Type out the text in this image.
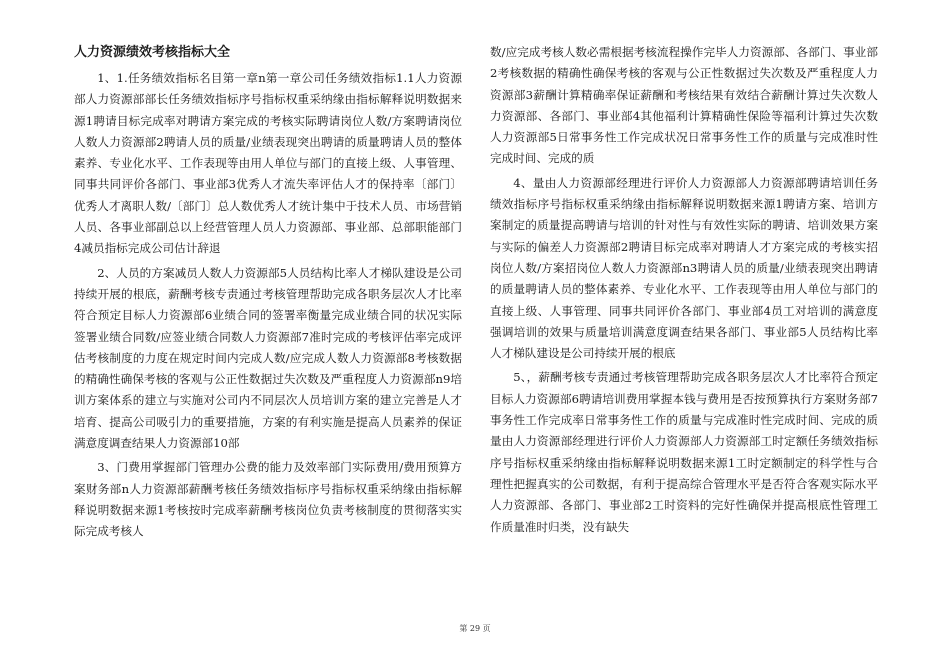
人力资源绩效考核指标大全

1、1.任务绩效指标名目第一章n第一章公司任务绩效指标1.1人力资源部人力资源部部长任务绩效指标序号指标权重采纳缘由指标解释说明数据来源1聘请目标完成率对聘请方案完成的考核实际聘请岗位人数/方案聘请岗位人数人力资源部2聘请人员的质量/业绩表现突出聘请的质量聘请人员的整体素养、专业化水平、工作表现等由用人单位与部门的直接上级、人事管理、同事共同评价各部门、事业部3优秀人才流失率评估人才的保持率〔部门〕优秀人才离职人数/〔部门〕总人数优秀人才统计集中于技术人员、市场营销人员、各事业部副总以上经营管理人员人力资源部、事业部、总部职能部门4减员指标完成公司估计辞退

2、人员的方案减员人数人力资源部5人员结构比率人才梯队建设是公司持续开展的根底，薪酬考核专责通过考核管理帮助完成各职务层次人才比率符合预定目标人力资源部6业绩合同的签署率衡量完成业绩合同的状况实际签署业绩合同数/应签业绩合同数人力资源部7准时完成的考核评估率完成评估考核制度的力度在规定时间内完成人数/应完成人数人力资源部8考核数据的精确性确保考核的客观与公正性数据过失次数及严重程度人力资源部n9培训方案体系的建立与实施对公司内不同层次人员培训方案的建立完善是人才培育、提高公司吸引力的重要措施，方案的有利实施是提高人员素养的保证满意度调查结果人力资源部10部

3、门费用掌握部门管理办公费的能力及效率部门实际费用/费用预算方案财务部n人力资源部薪酬考核任务绩效指标序号指标权重采纳缘由指标解释说明数据来源1考核按时完成率薪酬考核岗位负责考核制度的贯彻落实实际完成考核人

数/应完成考核人数必需根据考核流程操作完毕人力资源部、各部门、事业部2考核数据的精确性确保考核的客观与公正性数据过失次数及严重程度人力资源部3薪酬计算精确率保证薪酬和考核结果有效结合薪酬计算过失次数人力资源部、各部门、事业部4其他福利计算精确性保险等福利计算过失次数人力资源部5日常事务性工作完成状况日常事务性工作的质量与完成准时性完成时间、完成的质

4、量由人力资源部经理进行评价人力资源部人力资源部聘请培训任务绩效指标序号指标权重采纳缘由指标解释说明数据来源1聘请方案、培训方案制定的质量提高聘请与培训的针对性与有效性实际的聘请、培训效果方案与实际的偏差人力资源部2聘请目标完成率对聘请人才方案完成的考核实招岗位人数/方案招岗位人数人力资源部n3聘请人员的质量/业绩表现突出聘请的质量聘请人员的整体素养、专业化水平、工作表现等由用人单位与部门的直接上级、人事管理、同事共同评价各部门、事业部4员工对培训的满意度强调培训的效果与质量培训满意度调查结果各部门、事业部5人员结构比率人才梯队建设是公司持续开展的根底

5、，薪酬考核专责通过考核管理帮助完成各职务层次人才比率符合预定目标人力资源部6聘请培训费用掌握本钱与费用是否按预算执行方案财务部7事务性工作完成率日常事务性工作的质量与完成准时性完成时间、完成的质量由人力资源部经理进行评价人力资源部人力资源部工时定额任务绩效指标序号指标权重采纳缘由指标解释说明数据来源1工时定额制定的科学性与合理性把握真实的公司数据，有利于提高综合管理水平是否符合客观实际水平人力资源部、各部门、事业部2工时资料的完好性确保并提高根底性管理工作质量准时归类，没有缺失

第 29 页
